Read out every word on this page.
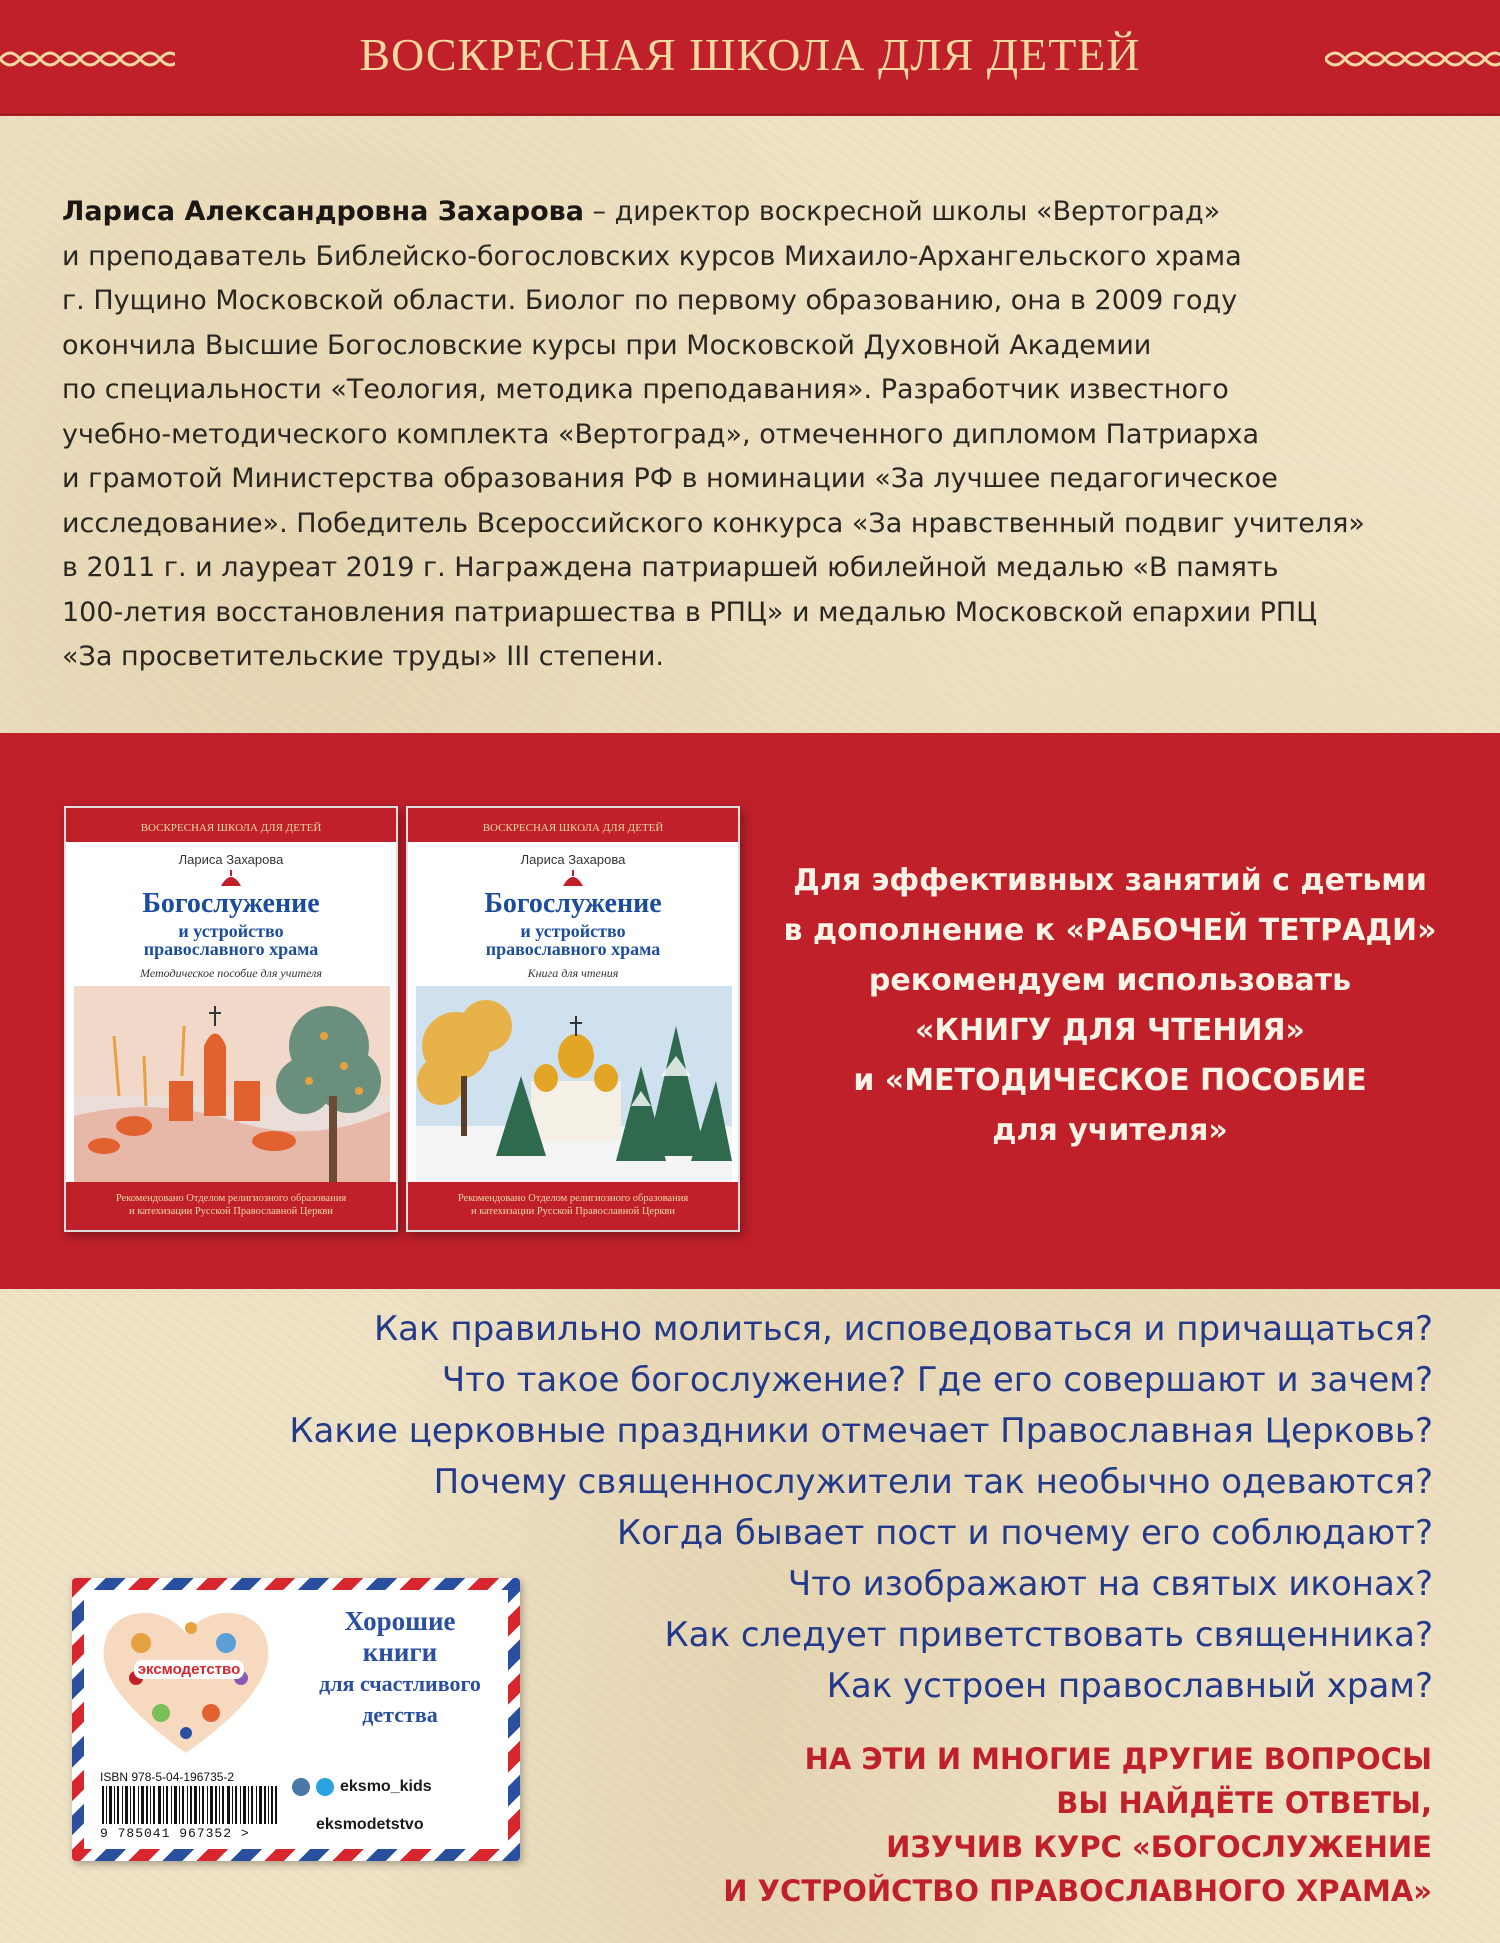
ВОСКРЕСНАЯ ШКОЛА ДЛЯ ДЕТЕЙ
Лариса Александровна Захарова – директор воскресной школы «Вертоград»
и преподаватель Библейско-богословских курсов Михаило-Архангельского храма
г. Пущино Московской области. Биолог по первому образованию, она в 2009 году
окончила Высшие Богословские курсы при Московской Духовной Академии
по специальности «Теология, методика преподавания». Разработчик известного
учебно-методического комплекта «Вертоград», отмеченного дипломом Патриарха
и грамотой Министерства образования РФ в номинации «За лучшее педагогическое
исследование». Победитель Всероссийского конкурса «За нравственный подвиг учителя»
в 2011 г. и лауреат 2019 г. Награждена патриаршей юбилейной медалью «В память
100-летия восстановления патриаршества в РПЦ» и медалью Московской епархии РПЦ
«За просветительские труды» III степени.
ВОСКРЕСНАЯ ШКОЛА ДЛЯ ДЕТЕЙ
Лариса Захарова
Богослужение
и устройство
православного храма
Методическое пособие для учителя
Рекомендовано Отделом религиозного образования
и катехизации Русской Православной Церкви
ВОСКРЕСНАЯ ШКОЛА ДЛЯ ДЕТЕЙ
Лариса Захарова
Богослужение
и устройство
православного храма
Книга для чтения
Рекомендовано Отделом религиозного образования
и катехизации Русской Православной Церкви
Для эффективных занятий с детьми
в дополнение к «РАБОЧЕЙ ТЕТРАДИ»
рекомендуем использовать
«КНИГУ ДЛЯ ЧТЕНИЯ»
и «МЕТОДИЧЕСКОЕ ПОСОБИЕ
для учителя»
Как правильно молиться, исповедоваться и причащаться?
Что такое богослужение? Где его совершают и зачем?
Какие церковные праздники отмечает Православная Церковь?
Почему священнослужители так необычно одеваются?
Когда бывает пост и почему его соблюдают?
Что изображают на святых иконах?
Как следует приветствовать священника?
Как устроен православный храм?
НА ЭТИ И МНОГИЕ ДРУГИЕ ВОПРОСЫ
ВЫ НАЙДЁТЕ ОТВЕТЫ,
ИЗУЧИВ КУРС «БОГОСЛУЖЕНИЕ
И УСТРОЙСТВО ПРАВОСЛАВНОГО ХРАМА»
эксмодетство
Хорошие
книги
для счастливого
детства
ISBN 978-5-04-196735-2
9 785041 967352 >
eksmo_kids
eksmodetstvo
